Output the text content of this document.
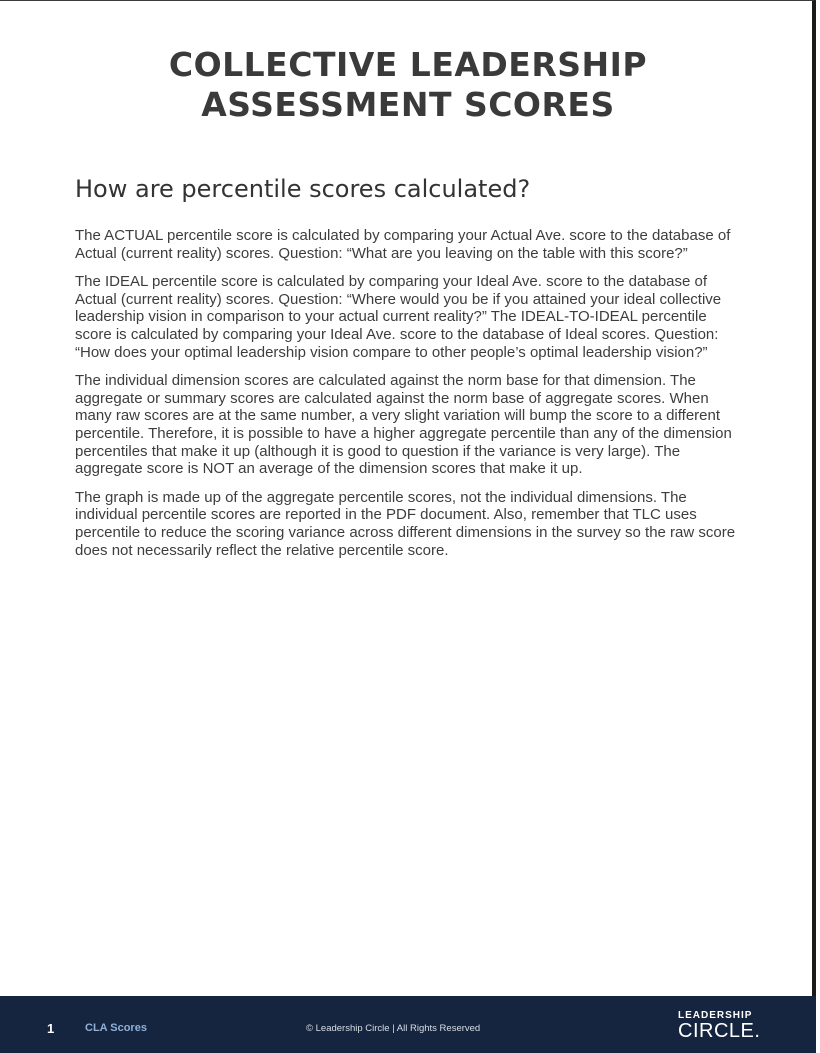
COLLECTIVE LEADERSHIP
ASSESSMENT SCORES
How are percentile scores calculated?

The ACTUAL percentile score is calculated by comparing your Actual Ave. score to the database of Actual (current reality) scores. Question: “What are you leaving on the table with this score?”

The IDEAL percentile score is calculated by comparing your Ideal Ave. score to the database of Actual (current reality) scores. Question: “Where would you be if you attained your ideal collective leadership vision in comparison to your actual current reality?” The IDEAL-TO-IDEAL percentile score is calculated by comparing your Ideal Ave. score to the database of Ideal scores. Question: “How does your optimal leadership vision compare to other people’s optimal leadership vision?”

The individual dimension scores are calculated against the norm base for that dimension. The aggregate or summary scores are calculated against the norm base of aggregate scores. When many raw scores are at the same number, a very slight variation will bump the score to a different percentile. Therefore, it is possible to have a higher aggregate percentile than any of the dimension percentiles that make it up (although it is good to question if the variance is very large). The aggregate score is NOT an average of the dimension scores that make it up.

The graph is made up of the aggregate percentile scores, not the individual dimensions. The individual percentile scores are reported in the PDF document. Also, remember that TLC uses percentile to reduce the scoring variance across different dimensions in the survey so the raw score does not necessarily reflect the relative percentile score.

1	CLA Scores	© Leadership Circle | All Rights Reserved
LEADERSHIP
CIRCLE.
